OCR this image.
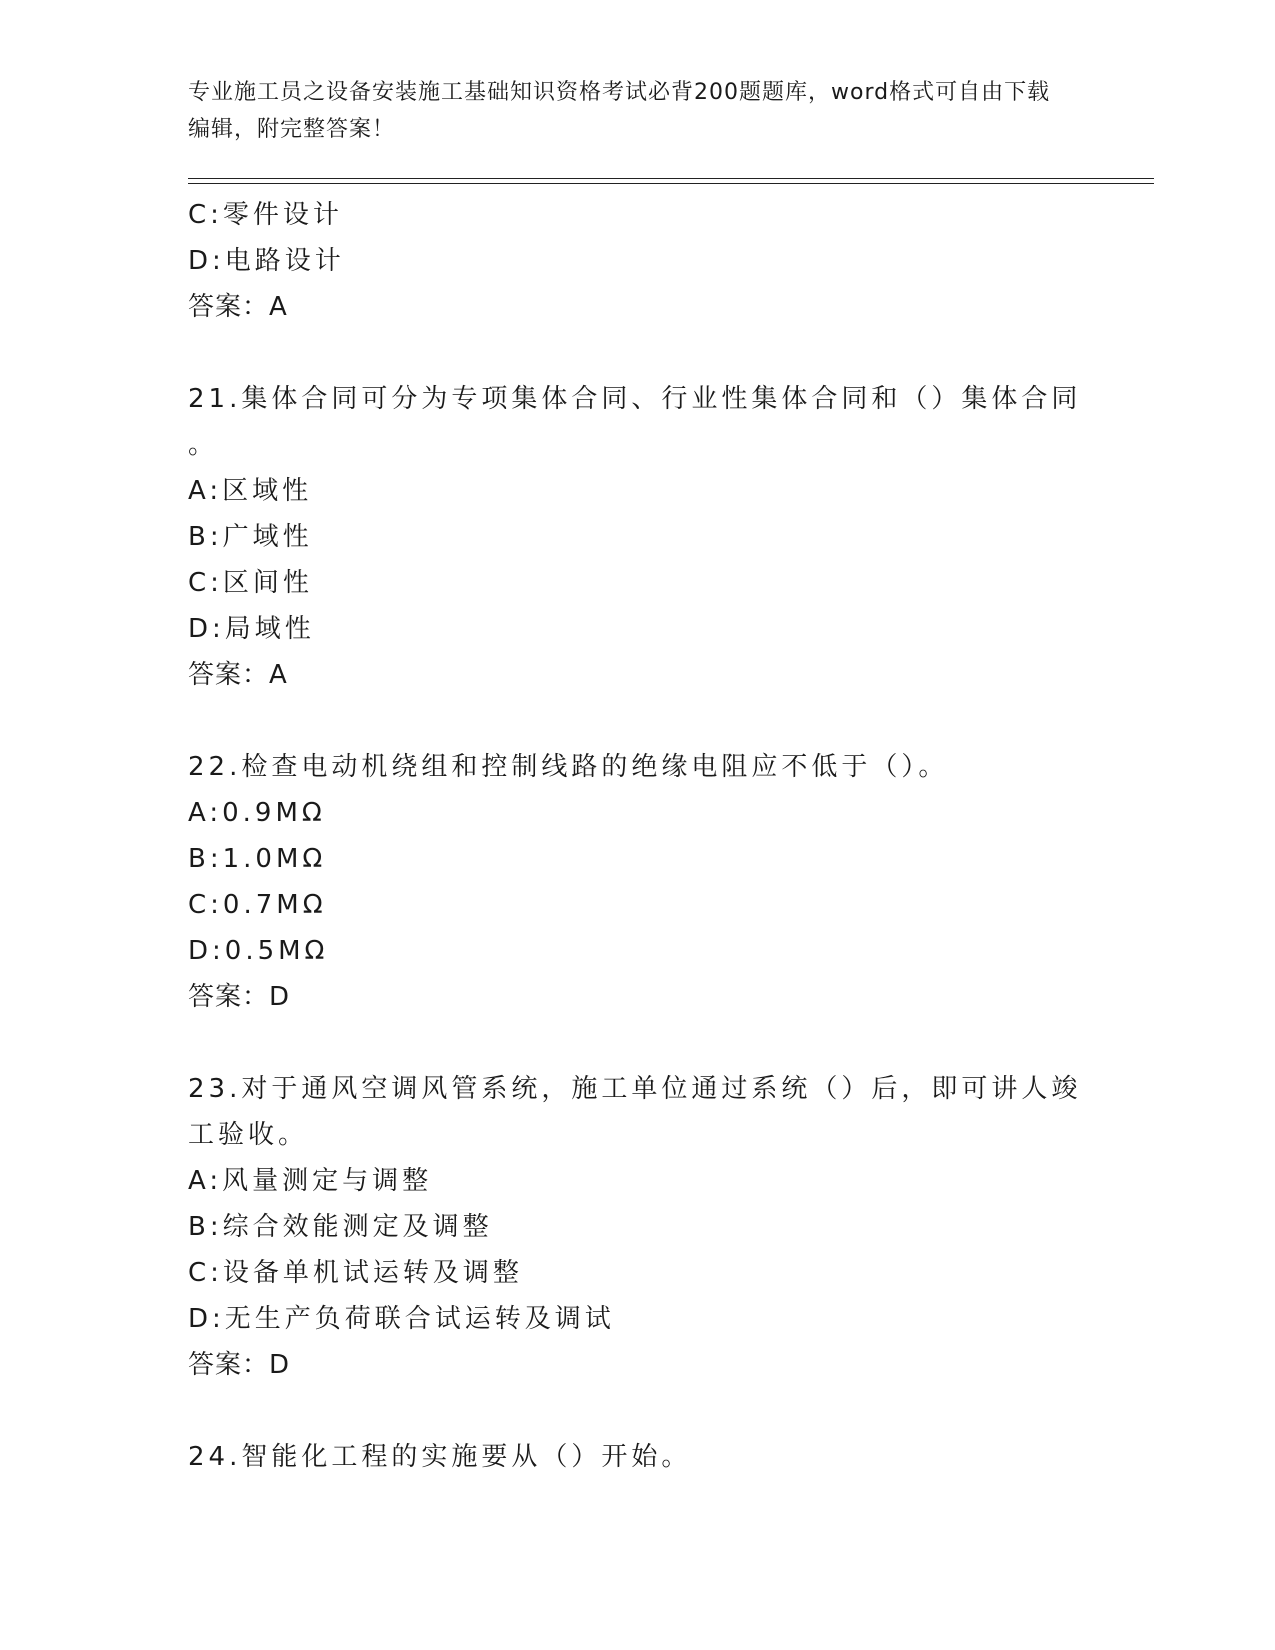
专业施工员之设备安装施工基础知识资格考试必背200题题库，word格式可自由下载编辑，附完整答案！

C:零件设计
D:电路设计
答案：A
21.集体合同可分为专项集体合同、行业性集体合同和（）集体合同
。
A:区域性
B:广域性
C:区间性
D:局域性
答案：A
22.检查电动机绕组和控制线路的绝缘电阻应不低于（）。
A:0.9MΩ
B:1.0MΩ
C:0.7MΩ
D:0.5MΩ
答案：D
23.对于通风空调风管系统，施工单位通过系统（）后，即可讲人竣
工验收。
A:风量测定与调整
B:综合效能测定及调整
C:设备单机试运转及调整
D:无生产负荷联合试运转及调试
答案：D
24.智能化工程的实施要从（）开始。
